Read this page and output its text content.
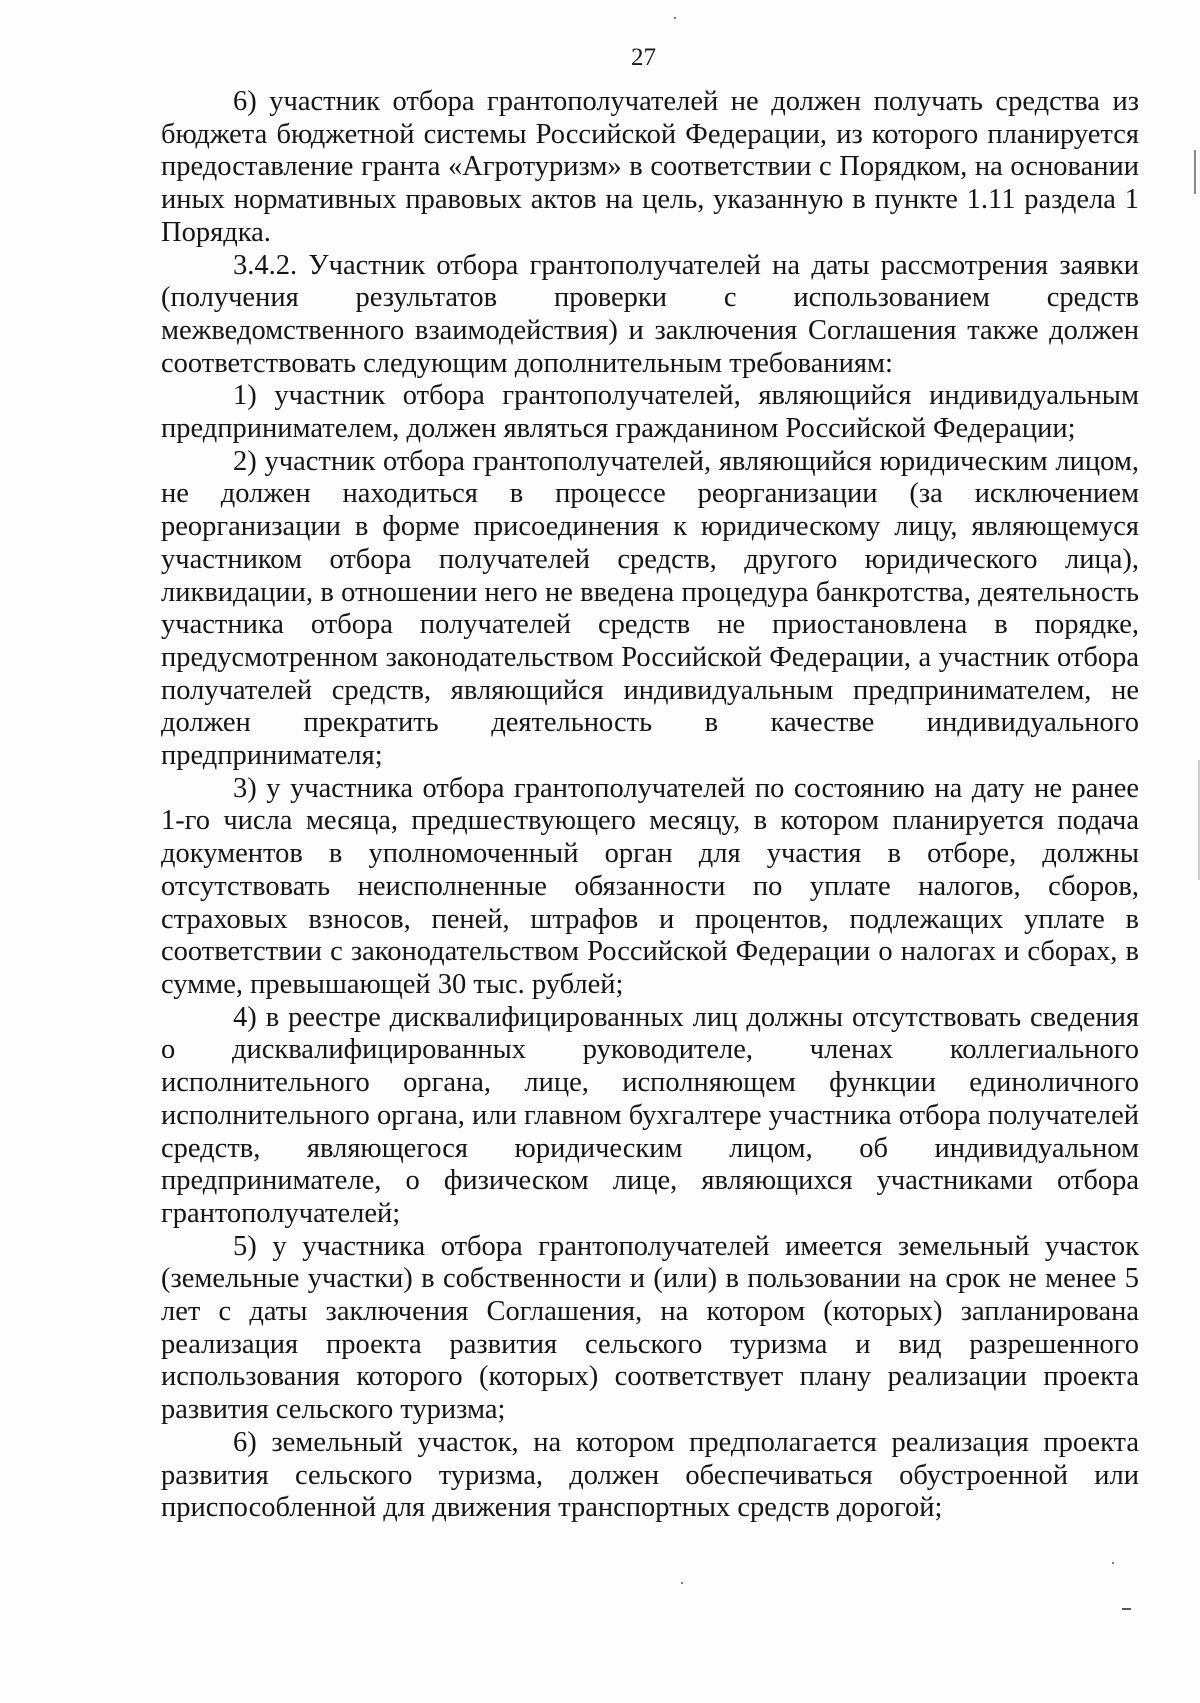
27

6) участник отбора грантополучателей не должен получать средства из бюджета бюджетной системы Российской Федерации, из которого планируется предоставление гранта «Агротуризм» в соответствии с Порядком, на основании иных нормативных правовых актов на цель, указанную в пункте 1.11 раздела 1 Порядка.

3.4.2. Участник отбора грантополучателей на даты рассмотрения заявки (получения результатов проверки с использованием средств межведомственного взаимодействия) и заключения Соглашения также должен соответствовать следующим дополнительным требованиям:

1) участник отбора грантополучателей, являющийся индивидуальным предпринимателем, должен являться гражданином Российской Федерации;

2) участник отбора грантополучателей, являющийся юридическим лицом, не должен находиться в процессе реорганизации (за исключением реорганизации в форме присоединения к юридическому лицу, являющемуся участником отбора получателей средств, другого юридического лица), ликвидации, в отношении него не введена процедура банкротства, деятельность участника отбора получателей средств не приостановлена в порядке, предусмотренном законодательством Российской Федерации, а участник отбора получателей средств, являющийся индивидуальным предпринимателем, не должен прекратить деятельность в качестве индивидуального предпринимателя;

3) у участника отбора грантополучателей по состоянию на дату не ранее 1-го числа месяца, предшествующего месяцу, в котором планируется подача документов в уполномоченный орган для участия в отборе, должны отсутствовать неисполненные обязанности по уплате налогов, сборов, страховых взносов, пеней, штрафов и процентов, подлежащих уплате в соответствии с законодательством Российской Федерации о налогах и сборах, в сумме, превышающей 30 тыс. рублей;

4) в реестре дисквалифицированных лиц должны отсутствовать сведения о дисквалифицированных руководителе, членах коллегиального исполнительного органа, лице, исполняющем функции единоличного исполнительного органа, или главном бухгалтере участника отбора получателей средств, являющегося юридическим лицом, об индивидуальном предпринимателе, о физическом лице, являющихся участниками отбора грантополучателей;

5) у участника отбора грантополучателей имеется земельный участок (земельные участки) в собственности и (или) в пользовании на срок не менее 5 лет с даты заключения Соглашения, на котором (которых) запланирована реализация проекта развития сельского туризма и вид разрешенного использования которого (которых) соответствует плану реализации проекта развития сельского туризма;

6) земельный участок, на котором предполагается реализация проекта развития сельского туризма, должен обеспечиваться обустроенной или приспособленной для движения транспортных средств дорогой;
